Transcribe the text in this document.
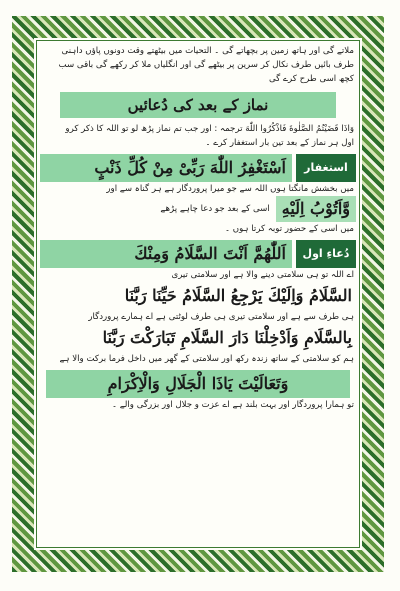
ملاتے گی اور ہاتھ زمین پر بچھاتے گی ۔ التحیات میں بیٹھتے وقت دونوں پاؤں داہنی
طرف بائیں طرف نکال کر سرین پر بیٹھے گی اور انگلیاں ملا کر رکھے گی باقی سب کچھ اسی طرح کرے گی
نماز کے بعد کی دُعائیں
وَاذَا قَضَيْتُمُ الصَّلٰوةَ فَاذْكُرُوا اللّٰهَ ترجمہ : اور جب تم نماز پڑھ لو تو اللہ کا ذکر کرو
اول ہر نماز کے بعد تین بار استغفار کرے ۔
استغفار
اَسْتَغْفِرُ اللّٰهَ رَبِّیْ مِنْ کُلِّ ذَنْبٍ
میں بخشش مانگتا ہوں اللہ سے جو میرا پروردگار ہے ہر گناہ سے اور
وَّاَتُوْبُ اِلَيْهِ
اسی کے بعد جو دعا چاہے پڑھے
میں اسی کے حضور توبہ کرتا ہوں ۔
دُعاءِ اول
اَللّٰهُمَّ اَنْتَ السَّلَامُ وَمِنْكَ
اے اللہ تو ہی سلامتی دینے والا ہے اور سلامتی تیری
السَّلَامُ وَاِلَيْكَ يَرْجِعُ السَّلَامُ حَيِّنَا رَبَّنَا
ہی طرف سے ہے اور سلامتی تیری ہی طرف لوٹتی ہے اے ہمارے پروردگار
بِالسَّلَامِ وَاَدْخِلْنَا دَارَ السَّلَامِ تَبَارَكْتَ رَبَّنَا
ہم کو سلامتی کے ساتھ زندہ رکھ اور سلامتی کے گھر میں داخل فرما برکت والا ہے
وَتَعَالَيْتَ يَاذَا الْجَلَالِ وَالْاِكْرَامِ
تو ہمارا پروردگار اور بہت بلند ہے اے عزت و جلال اور بزرگی والے ۔
